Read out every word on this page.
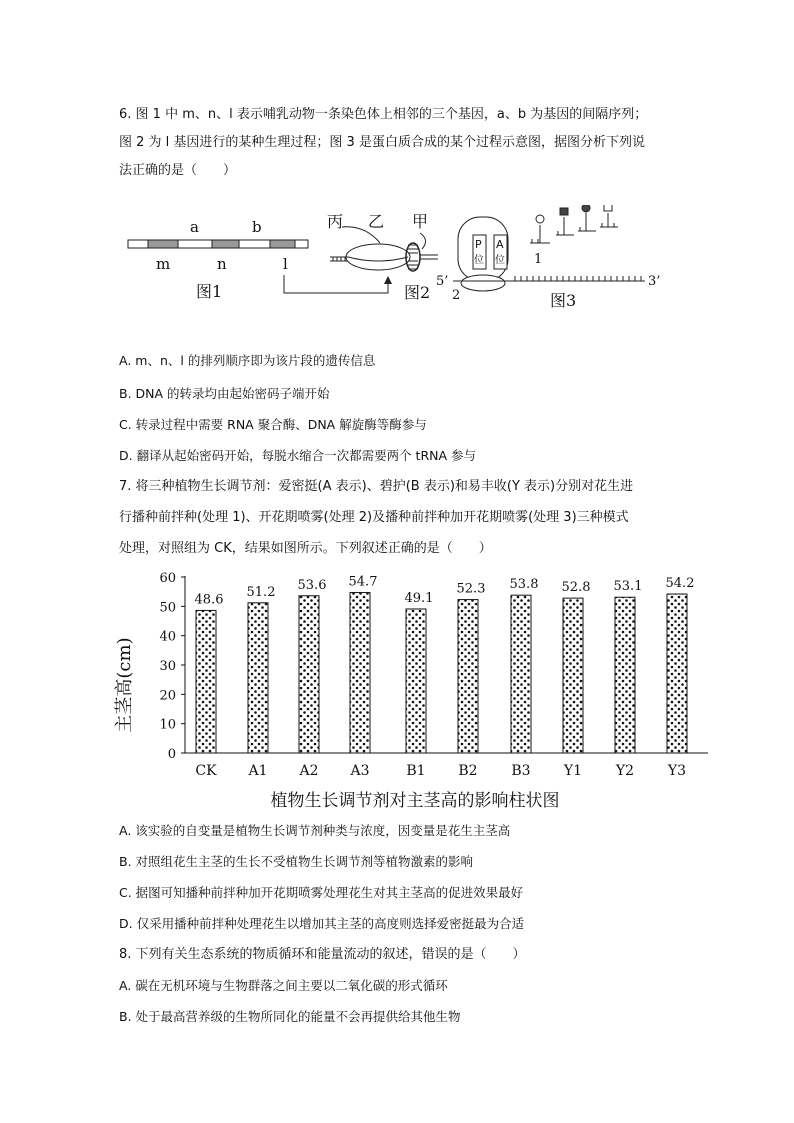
6. 图 1 中 m、n、l 表示哺乳动物一条染色体上相邻的三个基因，a、b 为基因的间隔序列；
图 2 为 l 基因进行的某种生理过程；图 3 是蛋白质合成的某个过程示意图，据图分析下列说
法正确的是（　　）
a	b
m	n	l
图1
丙 乙 甲
图2
P
位
A
位
5’	3’
1
2	图3
A. m、n、l 的排列顺序即为该片段的遗传信息
B. DNA 的转录均由起始密码子端开始
C. 转录过程中需要 RNA 聚合酶、DNA 解旋酶等酶参与
D. 翻译从起始密码开始，每脱水缩合一次都需要两个 tRNA 参与
7. 将三种植物生长调节剂：爱密挺(A 表示)、碧护(B 表示)和易丰收(Y 表示)分别对花生进
行播种前拌种(处理 1)、开花期喷雾(处理 2)及播种前拌种加开花期喷雾(处理 3)三种模式
处理，对照组为 CK，结果如图所示。下列叙述正确的是（　　）
主茎高(cm)
0
10
20
30
40
50
60
48.6
51.2 53.6 54.7
49.1
52.3 53.8 52.8 53.1 54.2
CK A1 A2 A3	B1 B2 B3 Y1 Y2 Y3
植物生长调节剂对主茎高的影响柱状图
A. 该实验的自变量是植物生长调节剂种类与浓度，因变量是花生主茎高
B. 对照组花生主茎的生长不受植物生长调节剂等植物激素的影响
C. 据图可知播种前拌种加开花期喷雾处理花生对其主茎高的促进效果最好
D. 仅采用播种前拌种处理花生以增加其主茎的高度则选择爱密挺最为合适
8. 下列有关生态系统的物质循环和能量流动的叙述，错误的是（　　）
A. 碳在无机环境与生物群落之间主要以二氧化碳的形式循环
B. 处于最高营养级的生物所同化的能量不会再提供给其他生物
